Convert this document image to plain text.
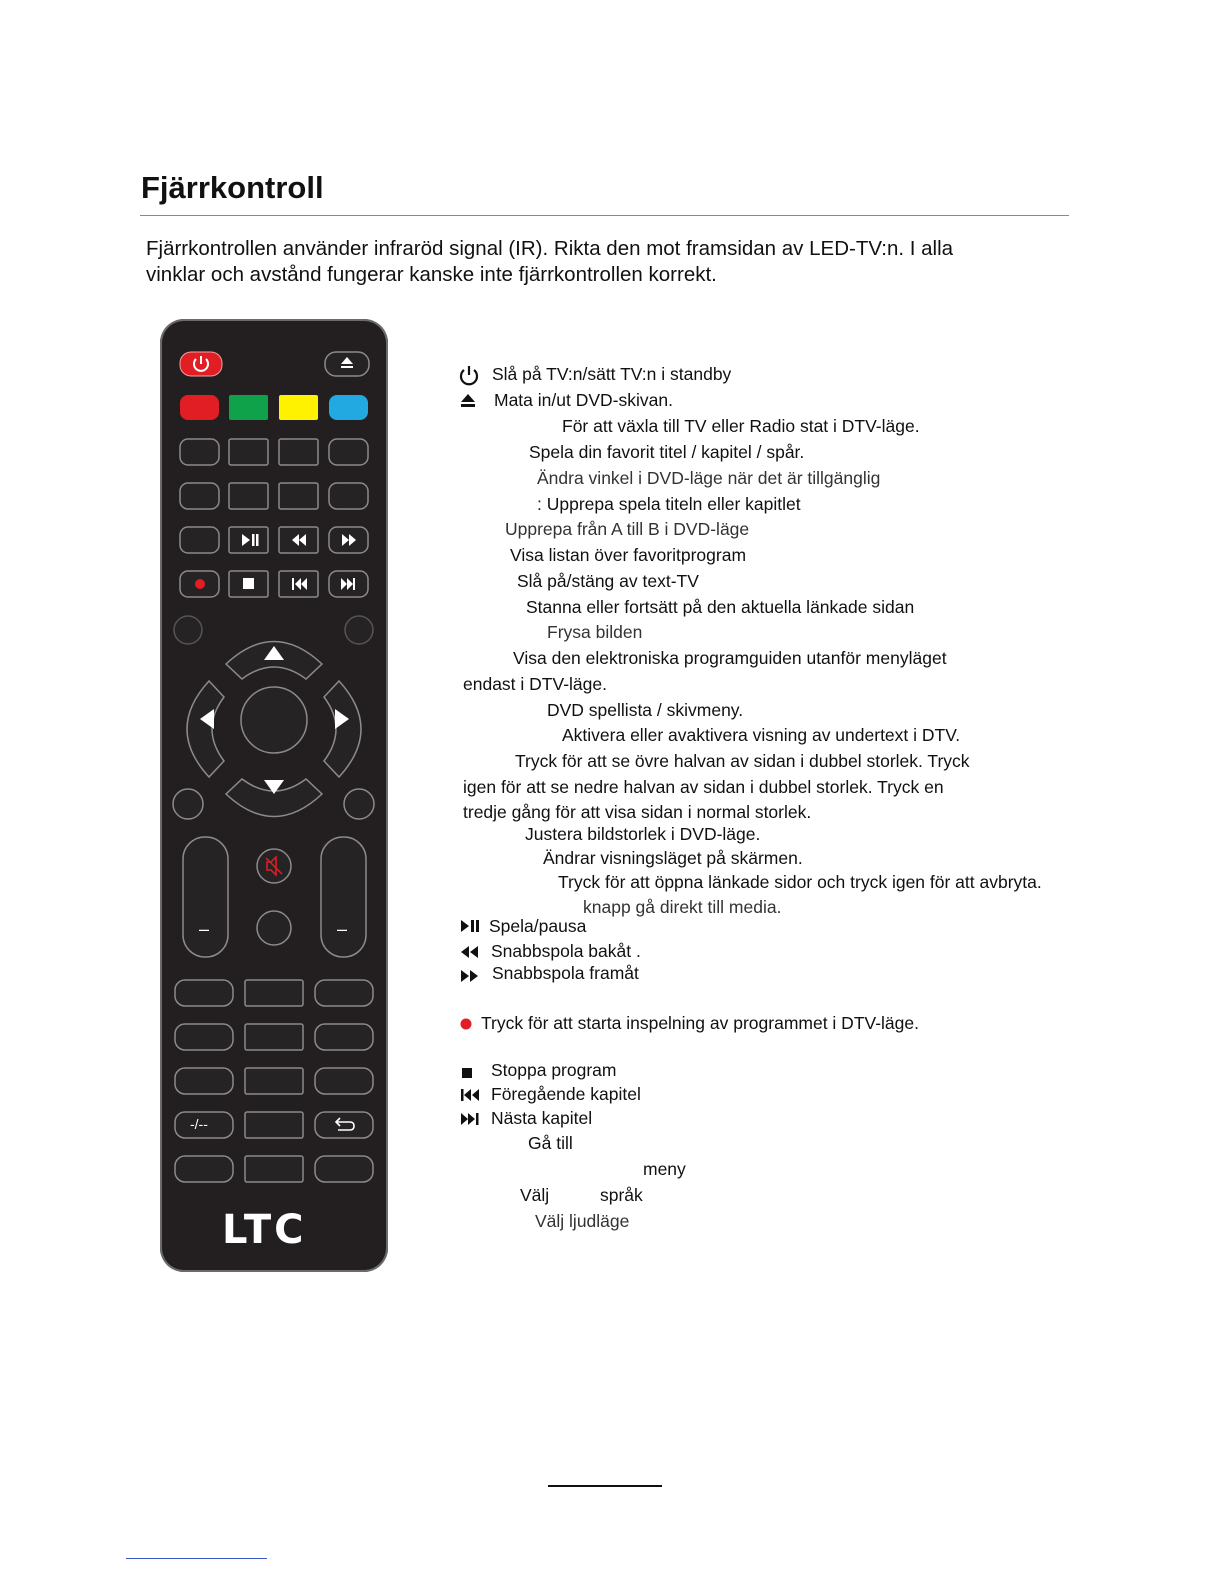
Fjärrkontroll
Fjärrkontrollen använder infraröd signal (IR). Rikta den mot framsidan av LED-TV:n. I alla
vinklar och avstånd fungerar kanske inte fjärrkontrollen korrekt.
-/--
–	–
LTC
Slå på TV:n/sätt TV:n i standby
Mata in/ut DVD-skivan.
För att växla till TV eller Radio stat i DTV-läge.
Spela din favorit titel / kapitel / spår.
Ändra vinkel i DVD-läge när det är tillgänglig
: Upprepa spela titeln eller kapitlet
Upprepa från A till B i DVD-läge
Visa listan över favoritprogram
Slå på/stäng av text-TV
Stanna eller fortsätt på den aktuella länkade sidan
Frysa bilden
Visa den elektroniska programguiden utanför menyläget
endast i DTV-läge.
DVD spellista / skivmeny.
Aktivera eller avaktivera visning av undertext i DTV.
Tryck för att se övre halvan av sidan i dubbel storlek. Tryck
igen för att se nedre halvan av sidan i dubbel storlek. Tryck en
tredje gång för att visa sidan i normal storlek.
Justera bildstorlek i DVD-läge.
Ändrar visningsläget på skärmen.
Tryck för att öppna länkade sidor och tryck igen för att avbryta.
knapp gå direkt till media.
Spela/pausa
Snabbspola bakåt .
Snabbspola framåt
Tryck för att starta inspelning av programmet i DTV-läge.
Stoppa program
Föregående kapitel
Nästa kapitel
Gå till
meny
Välj	språk
Välj ljudläge
